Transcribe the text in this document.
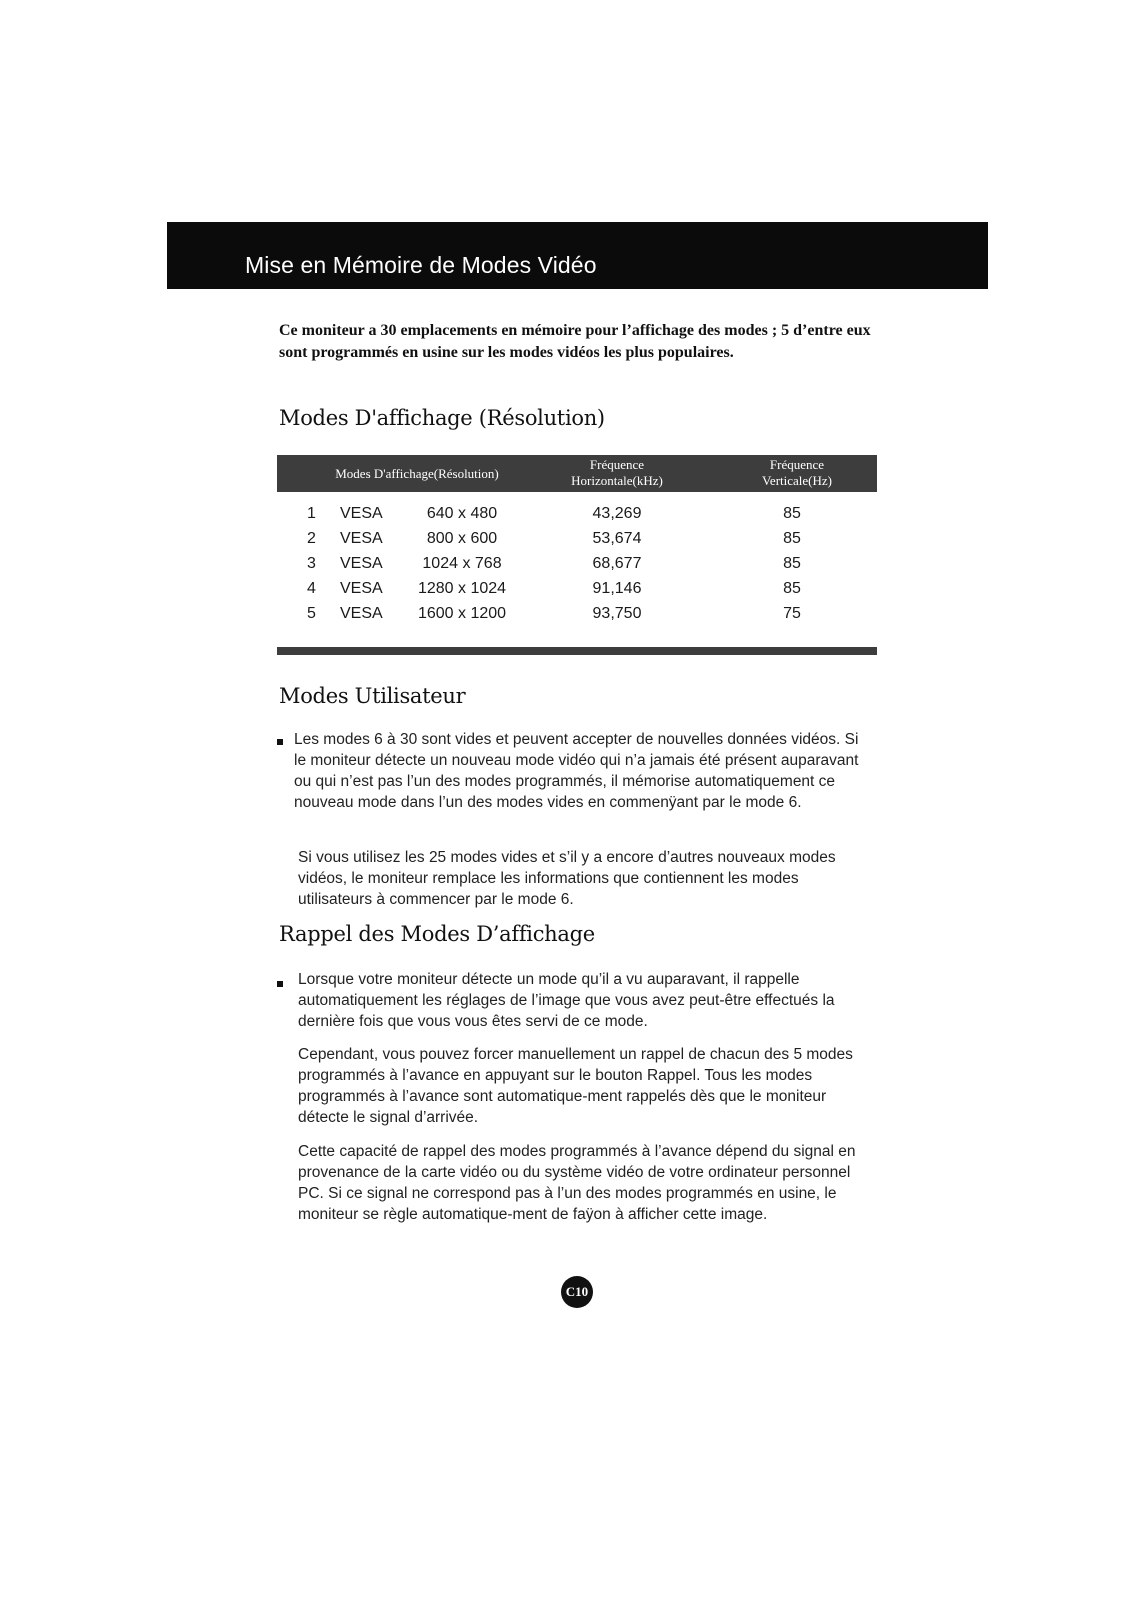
Mise en Mémoire de Modes Vidéo
Ce moniteur a 30 emplacements en mémoire pour l’affichage des modes ; 5 d’entre eux sont programmés en usine sur les modes vidéos les plus populaires.
Modes D'affichage (Résolution)
Modes D'affichage(Résolution)
Fréquence
Horizontale(kHz)
Fréquence
Verticale(Hz)
1 VESA	640 x 480	43,269	85
2 VESA	800 x 600	53,674	85
3 VESA	1024 x 768	68,677	85
4 VESA	1280 x 1024	91,146	85
5 VESA	1600 x 1200	93,750	75
Modes Utilisateur
Les modes 6 à 30 sont vides et peuvent accepter de nouvelles données vidéos. Si le moniteur détecte un nouveau mode vidéo qui n’a jamais été présent auparavant ou qui n’est pas l’un des modes programmés, il mémorise automatiquement ce nouveau mode dans l’un des modes vides en commenÿant par le mode 6.
Si vous utilisez les 25 modes vides et s’il y a encore d’autres nouveaux modes vidéos, le moniteur remplace les informations que contiennent les modes utilisateurs à commencer par le mode 6.
Rappel des Modes D’affichage
Lorsque votre moniteur détecte un mode qu’il a vu auparavant, il rappelle automatiquement les réglages de l’image que vous avez peut-être effectués la dernière fois que vous vous êtes servi de ce mode.
Cependant, vous pouvez forcer manuellement un rappel de chacun des 5 modes programmés à l’avance en appuyant sur le bouton Rappel. Tous les modes programmés à l’avance sont automatique-ment rappelés dès que le moniteur détecte le signal d’arrivée.
Cette capacité de rappel des modes programmés à l’avance dépend du signal en provenance de la carte vidéo ou du système vidéo de votre ordinateur personnel PC. Si ce signal ne correspond pas à l’un des modes programmés en usine, le moniteur se règle automatique-ment de faÿon à afficher cette image.
C10
